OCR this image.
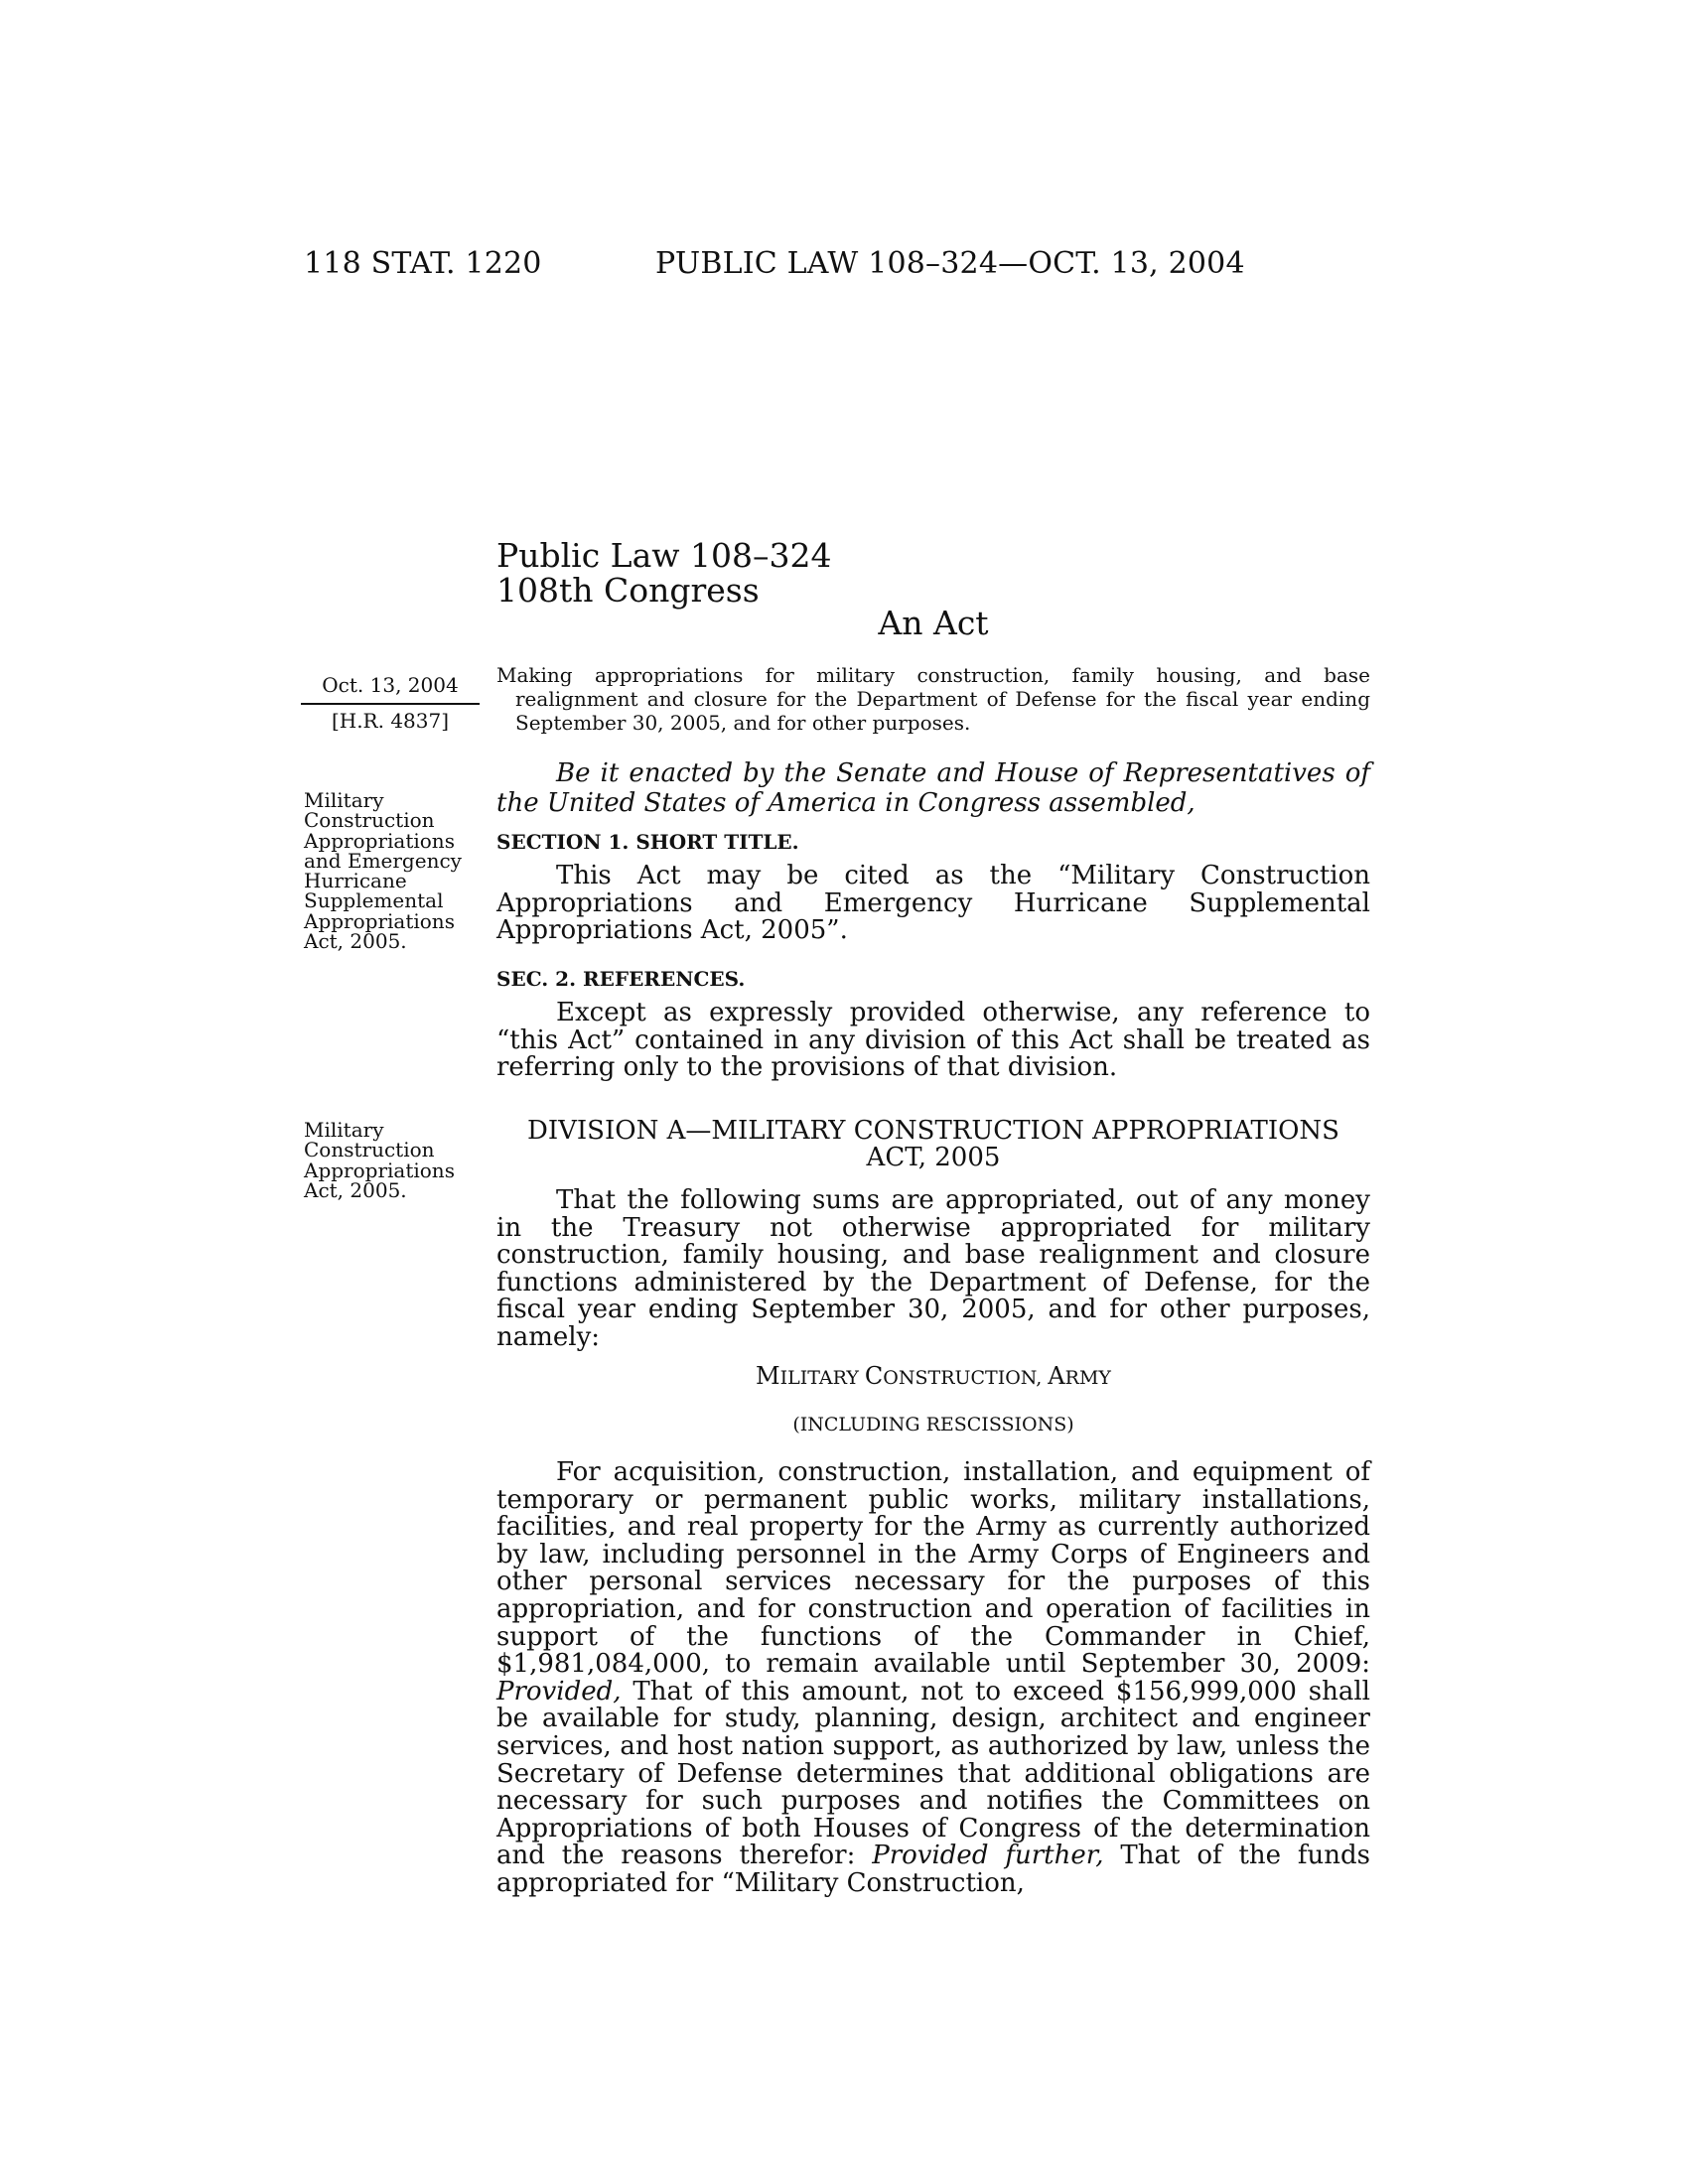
118 STAT. 1220	PUBLIC LAW 108–324—OCT. 13, 2004
Public Law 108–324
108th Congress
An Act
Making appropriations for military construction, family housing, and base realignment and closure for the Department of Defense for the fiscal year ending September 30, 2005, and for other purposes.
Oct. 13, 2004
[H.R. 4837]
Military
Construction
Appropriations
and Emergency
Hurricane
Supplemental
Appropriations
Act, 2005.
Military
Construction
Appropriations
Act, 2005.
Be it enacted by the Senate and House of Representatives of the United States of America in Congress assembled,
SECTION 1. SHORT TITLE.
This Act may be cited as the “Military Construction Appropriations and Emergency Hurricane Supplemental Appropriations Act, 2005”.
SEC. 2. REFERENCES.
Except as expressly provided otherwise, any reference to “this Act” contained in any division of this Act shall be treated as referring only to the provisions of that division.
DIVISION A—MILITARY CONSTRUCTION APPROPRIATIONS
ACT, 2005
That the following sums are appropriated, out of any money in the Treasury not otherwise appropriated for military construction, family housing, and base realignment and closure functions administered by the Department of Defense, for the fiscal year ending September 30, 2005, and for other purposes, namely:
MILITARY CONSTRUCTION, ARMY
(INCLUDING RESCISSIONS)
For acquisition, construction, installation, and equipment of temporary or permanent public works, military installations, facilities, and real property for the Army as currently authorized by law, including personnel in the Army Corps of Engineers and other personal services necessary for the purposes of this appropriation, and for construction and operation of facilities in support of the functions of the Commander in Chief, $1,981,084,000, to remain available until September 30, 2009: Provided, That of this amount, not to exceed $156,999,000 shall be available for study, planning, design, architect and engineer services, and host nation support, as authorized by law, unless the Secretary of Defense determines that additional obligations are necessary for such purposes and notifies the Committees on Appropriations of both Houses of Congress of the determination and the reasons therefor: Provided further, That of the funds appropriated for “Military Construction,
